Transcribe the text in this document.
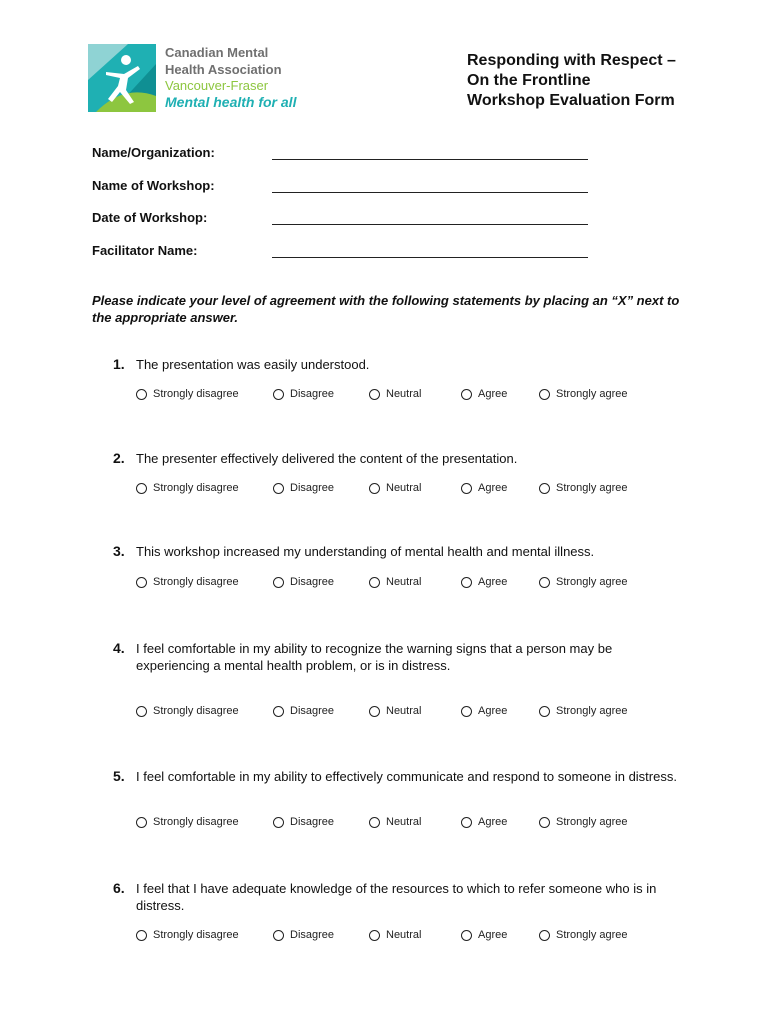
Canadian Mental
Health Association
Vancouver-Fraser
Mental health for all
Responding with Respect –
On the Frontline
Workshop Evaluation Form
Name/Organization:
Name of Workshop:
Date of Workshop:
Facilitator Name:
Please indicate your level of agreement with the following statements by placing an “X” next to the appropriate answer.
1. The presentation was easily understood.
Strongly disagree	Disagree	Neutral	Agree	Strongly agree
2. The presenter effectively delivered the content of the presentation.
Strongly disagree	Disagree	Neutral	Agree	Strongly agree
3. This workshop increased my understanding of mental health and mental illness.
Strongly disagree	Disagree	Neutral	Agree	Strongly agree
4. I feel comfortable in my ability to recognize the warning signs that a person may be experiencing a mental health problem, or is in distress.
Strongly disagree	Disagree	Neutral	Agree	Strongly agree
5. I feel comfortable in my ability to effectively communicate and respond to someone in distress.
Strongly disagree	Disagree	Neutral	Agree	Strongly agree
6. I feel that I have adequate knowledge of the resources to which to refer someone who is in distress.
Strongly disagree	Disagree	Neutral	Agree	Strongly agree
